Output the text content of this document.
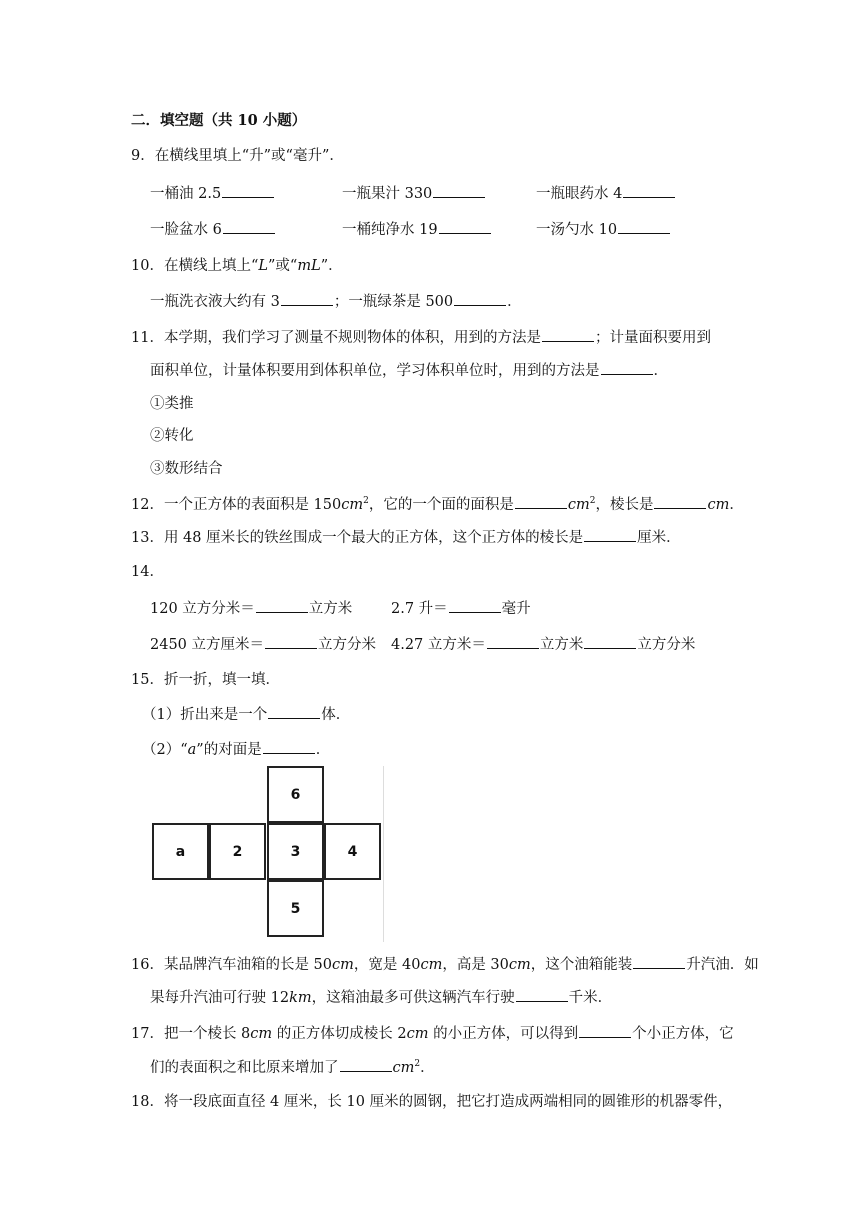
二．填空题（共 10 小题）
9．在横线里填上“升”或“毫升”．
一桶油 2.5	一瓶果汁 330	一瓶眼药水 4
一脸盆水 6	一桶纯净水 19	一汤勺水 10
10．在横线上填上“L”或“mL”．
一瓶洗衣液大约有 3	；一瓶绿茶是 500	．
11．本学期，我们学习了测量不规则物体的体积，用到的方法是	；计量面积要用到
面积单位，计量体积要用到体积单位，学习体积单位时，用到的方法是	．
①类推
②转化
③数形结合
12．一个正方体的表面积是 $150cm^2$，它的一个面的面积是	$cm^2$，棱长是	cm．
13．用 48 厘米长的铁丝围成一个最大的正方体，这个正方体的棱长是	厘米．
14．
120 立方分米＝	立方米	2.7 升＝	毫升
2450 立方厘米＝	立方分米 4.27 立方米＝	立方米	立方分米
15．折一折，填一填．
（1）折出来是一个	体．
（2）“a”的对面是	．
6
a	2	3	4
5
16．某品牌汽车油箱的长是 50cm，宽是 40cm，高是 30cm，这个油箱能装	升汽油．如
果每升汽油可行驶 12km，这箱油最多可供这辆汽车行驶	千米．
17．把一个棱长 8cm 的正方体切成棱长 2cm 的小正方体，可以得到	个小正方体，它
们的表面积之和比原来增加了	$cm^2$．
18．将一段底面直径 4 厘米，长 10 厘米的圆钢，把它打造成两端相同的圆锥形的机器零件，
